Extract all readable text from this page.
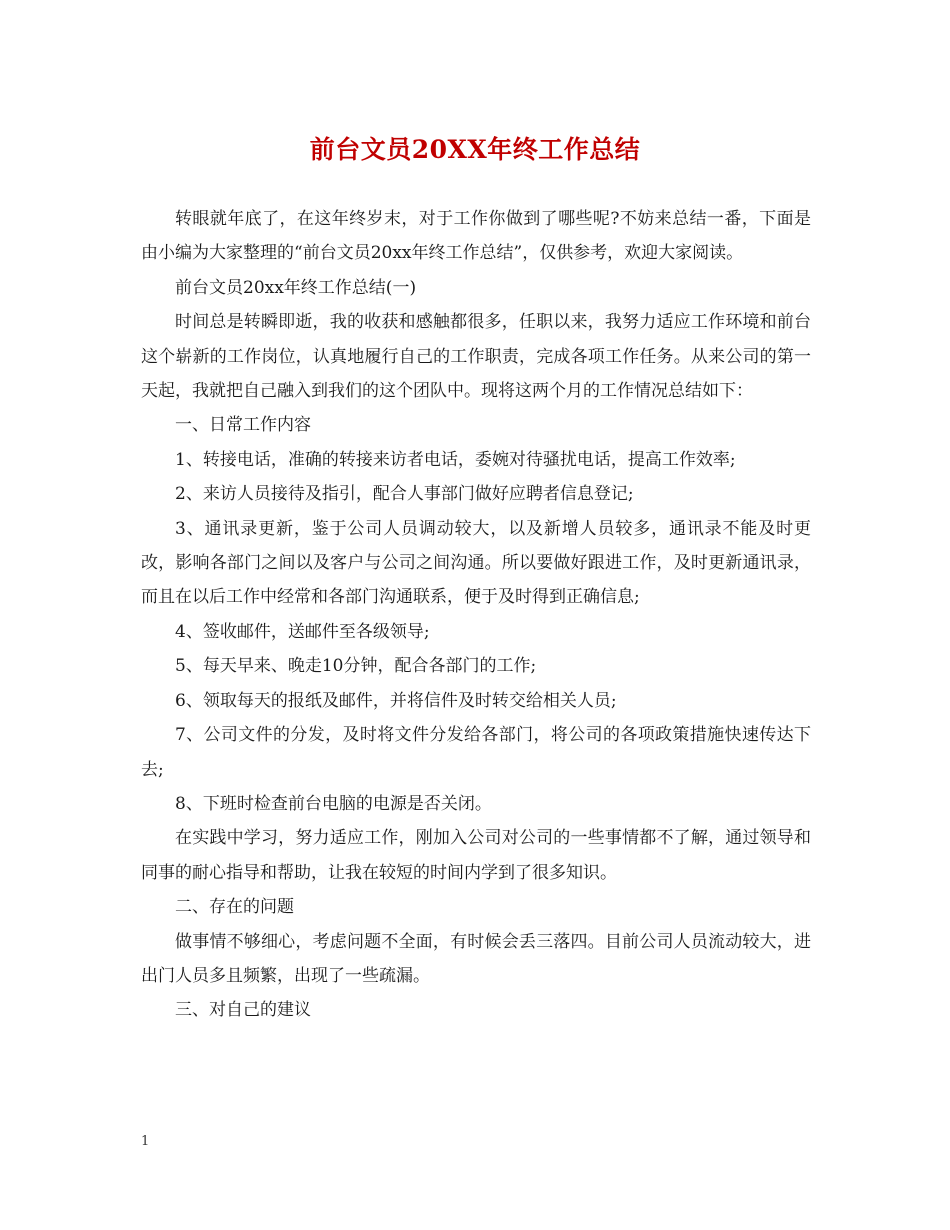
前台文员20XX年终工作总结

转眼就年底了，在这年终岁末，对于工作你做到了哪些呢?不妨来总结一番，下面是由小编为大家整理的“前台文员20xx年终工作总结”，仅供参考，欢迎大家阅读。

前台文员20xx年终工作总结(一)

时间总是转瞬即逝，我的收获和感触都很多，任职以来，我努力适应工作环境和前台这个崭新的工作岗位，认真地履行自己的工作职责，完成各项工作任务。从来公司的第一天起，我就把自己融入到我们的这个团队中。现将这两个月的工作情况总结如下：

一、日常工作内容

1、转接电话，准确的转接来访者电话，委婉对待骚扰电话，提高工作效率;

2、来访人员接待及指引，配合人事部门做好应聘者信息登记;

3、通讯录更新，鉴于公司人员调动较大，以及新增人员较多，通讯录不能及时更改，影响各部门之间以及客户与公司之间沟通。所以要做好跟进工作，及时更新通讯录，而且在以后工作中经常和各部门沟通联系，便于及时得到正确信息;

4、签收邮件，送邮件至各级领导;

5、每天早来、晚走10分钟，配合各部门的工作;

6、领取每天的报纸及邮件，并将信件及时转交给相关人员;

7、公司文件的分发，及时将文件分发给各部门，将公司的各项政策措施快速传达下去;

8、下班时检查前台电脑的电源是否关闭。

在实践中学习，努力适应工作，刚加入公司对公司的一些事情都不了解，通过领导和同事的耐心指导和帮助，让我在较短的时间内学到了很多知识。

二、存在的问题

做事情不够细心，考虑问题不全面，有时候会丢三落四。目前公司人员流动较大，进出门人员多且频繁，出现了一些疏漏。

三、对自己的建议

1
